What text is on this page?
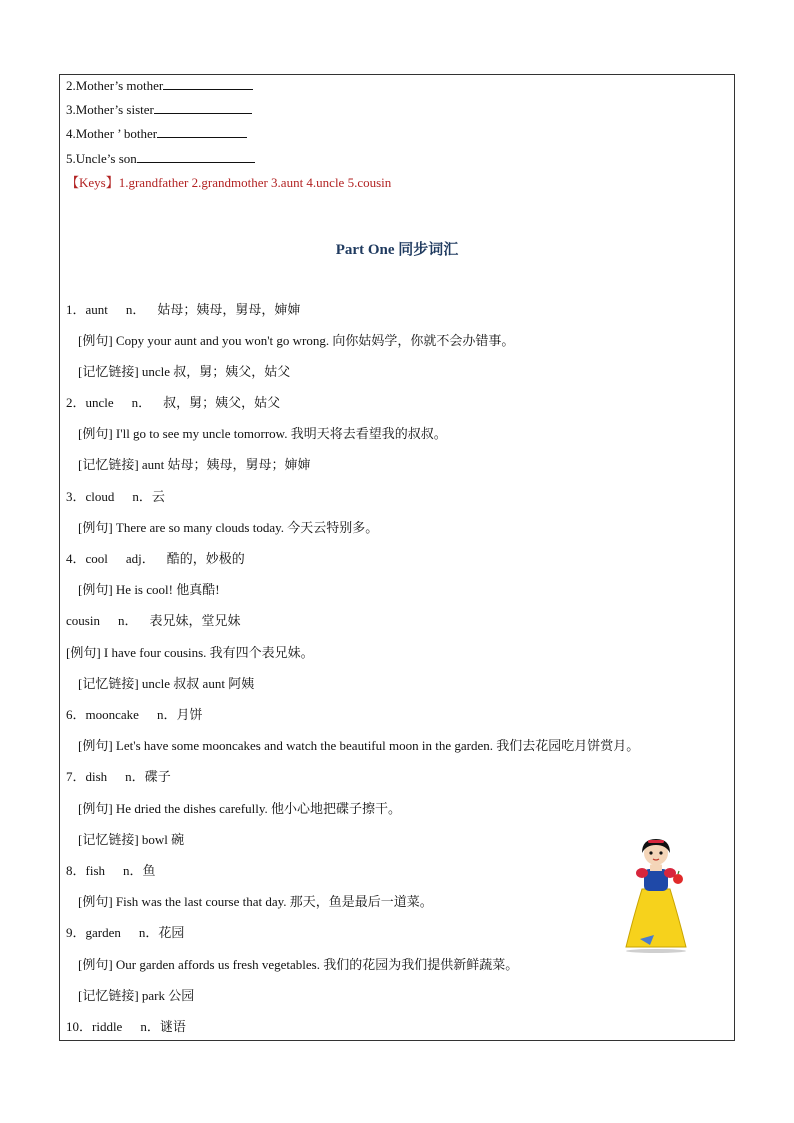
2.Mother’s mother
3.Mother’s sister
4.Mother ’ bother
5.Uncle’s son
【Keys】1.grandfather 2.grandmother 3.aunt 4.uncle 5.cousin
Part One 同步词汇
1．aunt n． 姑母；姨母，舅母，婶婶
[例句] Copy your aunt and you won't go wrong. 向你姑妈学，你就不会办错事。
[记忆链接] uncle 叔，舅；姨父，姑父
2．uncle n． 叔，舅；姨父，姑父
[例句] I'll go to see my uncle tomorrow. 我明天将去看望我的叔叔。
[记忆链接] aunt 姑母；姨母，舅母；婶婶
3．cloud n．云
[例句] There are so many clouds today. 今天云特别多。
4．cool adj． 酷的，妙极的
[例句] He is cool! 他真酷!
cousin n． 表兄妹，堂兄妹
[例句] I have four cousins. 我有四个表兄妹。
[记忆链接] uncle 叔叔 aunt 阿姨
6．mooncake n．月饼
[例句] Let's have some mooncakes and watch the beautiful moon in the garden. 我们去花园吃月饼赏月。
7．dish n．碟子
[例句] He dried the dishes carefully. 他小心地把碟子擦干。
[记忆链接] bowl 碗
8．fish n．鱼
[例句] Fish was the last course that day. 那天，鱼是最后一道菜。
9．garden n．花园
[例句] Our garden affords us fresh vegetables. 我们的花园为我们提供新鲜蔬菜。
[记忆链接] park 公园
10．riddle n．谜语
